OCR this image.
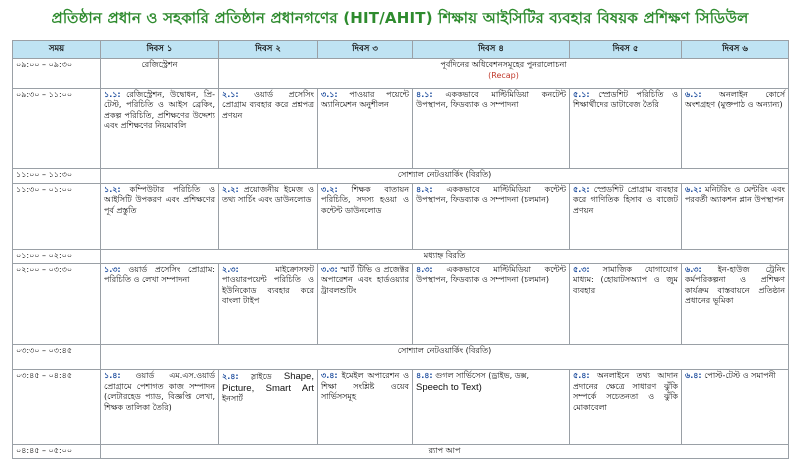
প্রতিষ্ঠান প্রধান ও সহকারি প্রতিষ্ঠান প্রধানগণের (HIT/AHIT) শিক্ষায় আইসিটির ব্যবহার বিষয়ক প্রশিক্ষণ সিডিউল
সময়	দিবস ১	দিবস ২	দিবস ৩	দিবস ৪	দিবস ৫	দিবস ৬
০৯:০০ – ০৯:৩০	রেজিস্ট্রেশন	পূর্বদিনের অধিবেশনসমূহের পুনরালোচনা
(Recap)				

০৯:৩০ – ১১:০০	১.১: রেজিস্ট্রেশন, উদ্বোধন, প্রি-টেস্ট, পরিচিতি ও আইস ব্রেকিং, প্রকল্প পরিচিতি, প্রশিক্ষণের উদ্দেশ্য এবং প্রশিক্ষণের নিয়মাবলি	২.১: ওয়ার্ড প্রসেসিং প্রোগ্রাম ব্যবহার করে প্রশ্নপত্র প্রণয়ন	৩.১: পাওয়ার পয়েন্টে অ্যানিমেশন অনুশীলন	৪.১: এককভাবে মাল্টিমিডিয়া কনটেন্ট উপস্থাপন, ফিডব্যাক ও সম্পাদনা	৫.১: স্প্রেডশিট পরিচিতি ও শিক্ষার্থীদের ডাটাবেজ তৈরি	৬.১: অনলাইন কোর্সে অংশগ্রহণ (মুক্তপাঠ ও অন্যান্য)
১১:০০ – ১১:৩০	সোশ্যাল নেটওয়ার্কিং (বিরতি)					
১১:৩০ – ০১:০০	১.২: কম্পিউটার পরিচিতি ও আইসিটি উপকরণ এবং প্রশিক্ষণের পূর্ব প্রস্তুতি	২.২: প্রয়োজনীয় ইমেজ ও তথ্য সার্চিং এবং ডাউনলোড	৩.২: শিক্ষক বাতায়ন পরিচিতি, সদস্য হওয়া ও কন্টেন্ট ডাউনলোড	৪.২: এককভাবে মাল্টিমিডিয়া কন্টেন্ট উপস্থাপন, ফিডব্যাক ও সম্পাদনা (চলমান)	৫.২: স্প্রেডশিট প্রোগ্রাম ব্যবহার করে গাণিতিক হিসাব ও বাজেট প্রণয়ন	৬.২: মনিটরিং ও মেন্টরিং এবং পরবর্তী অ্যাকশন প্লান উপস্থাপন
০১:০০ – ০২:০০	মধ্যাহ্ন বিরতি					
০২:০০ – ০৩:৩০	১.৩: ওয়ার্ড প্রসেসিং প্রোগ্রাম: পরিচিতি ও লেখা সম্পাদনা	২.৩: মাইক্রোসফট পাওয়ারপয়েন্ট পরিচিতি ও ইউনিকোড ব্যবহার করে বাংলা টাইপ	৩.৩: স্মার্ট টিভি ও প্রজেক্টর অপারেশন এবং হার্ডওয়্যার ট্রাবলশুটিং	৪.৩: এককভাবে মাল্টিমিডিয়া কন্টেন্ট উপস্থাপন, ফিডব্যাক ও সম্পাদনা (চলমান)	৫.৩: সামাজিক যোগাযোগ মাধ্যম: (হোয়াটসঅ্যাপ ও জুম ব্যবহার	৬.৩: ইন-হাউজ ট্রেনিং কর্মপরিকল্পনা ও প্রশিক্ষণ কার্যক্রম বাস্তবায়নে প্রতিষ্ঠান প্রধানের ভূমিকা
০৩:৩০ – ০৩:৪৫	সোশ্যাল নেটওয়ার্কিং (বিরতি)					
০৩:৪৫ – ০৪:৪৫	১.৪: ওয়ার্ড এম.এস.ওয়ার্ড প্রোগ্রামে পেশাগত কাজ সম্পাদন (লেটারহেড প্যাড, বিজ্ঞপ্তি লেখা, শিক্ষক তালিকা তৈরি)	২.৪: স্লাইডে Shape, Picture, Smart Art ইনসার্ট	৩.৪: ইমেইল অপারেশন ও শিক্ষা সংশ্লিষ্ট ওয়েব সার্ভিসসমূহ	৪.৪: গুগল সার্ভিসেস (ড্রাইভ, ডক্স,
Speech to Text)	৫.৪: অনলাইনে তথ্য আদান প্রদানের ক্ষেত্রে সাধারণ ঝুঁকি সম্পর্কে সচেতনতা ও ঝুঁকি মোকাবেলা	৬.৪: পোস্ট-টেস্ট ও সমাপনী
০৪:৪৫ – ০৫:০০	র‍্যাপ আপ					
